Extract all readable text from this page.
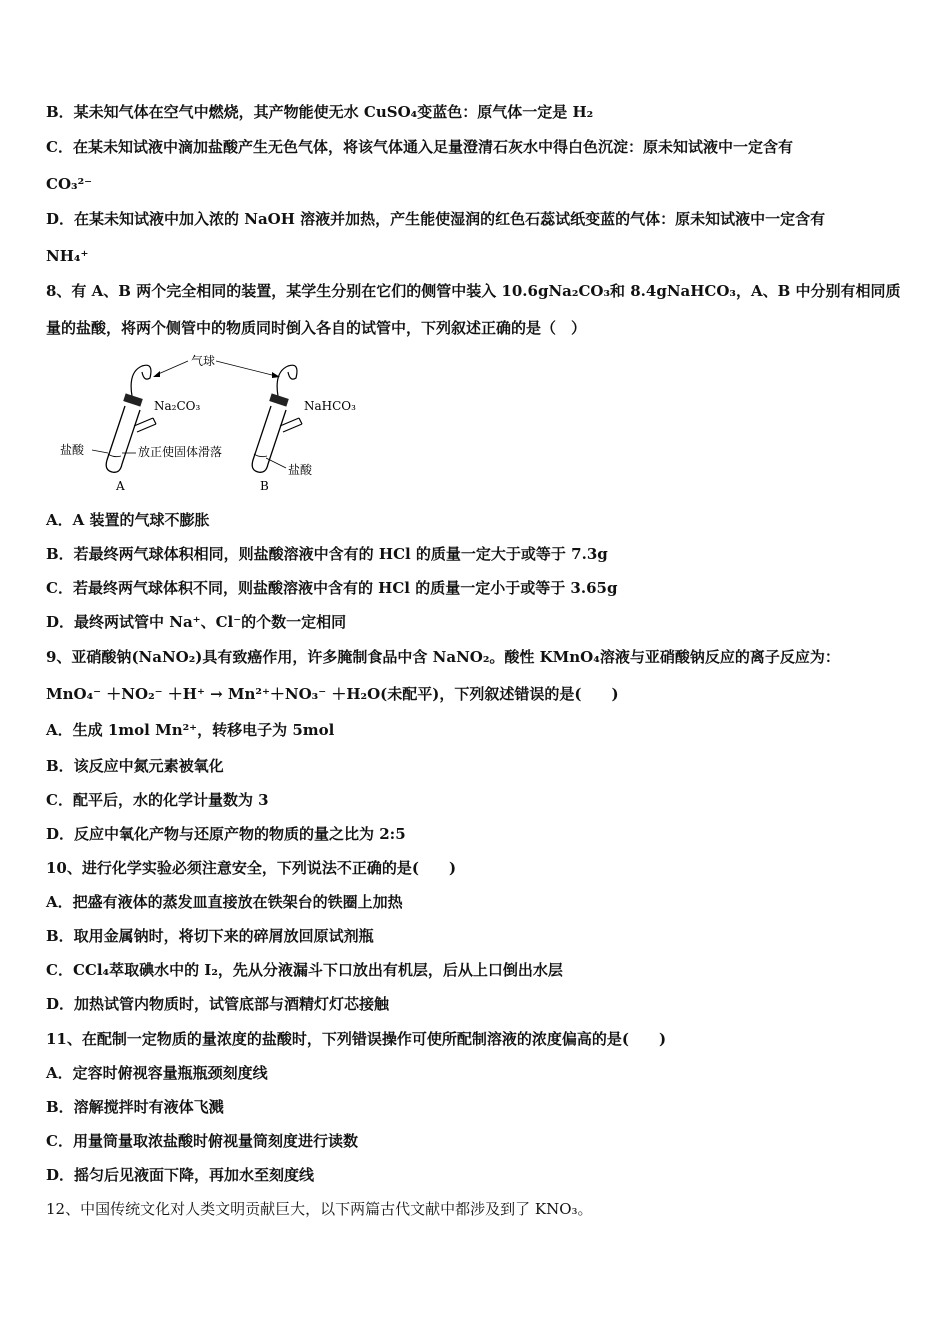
B．某未知气体在空气中燃烧，其产物能使无水 CuSO₄变蓝色：原气体一定是 H₂
C．在某未知试液中滴加盐酸产生无色气体，将该气体通入足量澄清石灰水中得白色沉淀：原未知试液中一定含有
CO₃²⁻
D．在某未知试液中加入浓的 NaOH 溶液并加热，产生能使湿润的红色石蕊试纸变蓝的气体：原未知试液中一定含有
NH₄⁺
8、有 A、B 两个完全相同的装置，某学生分别在它们的侧管中装入 10.6gNa₂CO₃和 8.4gNaHCO₃，A、B 中分别有相同质
量的盐酸，将两个侧管中的物质同时倒入各自的试管中，下列叙述正确的是（　）
气球
Na₂CO₃
盐酸	放正使固体滑落
A
NaHCO₃
盐酸
B
A．A 装置的气球不膨胀
B．若最终两气球体积相同，则盐酸溶液中含有的 HCl 的质量一定大于或等于 7.3g
C．若最终两气球体积不同，则盐酸溶液中含有的 HCl 的质量一定小于或等于 3.65g
D．最终两试管中 Na⁺、Cl⁻的个数一定相同
9、亚硝酸钠(NaNO₂)具有致癌作用，许多腌制食品中含 NaNO₂。酸性 KMnO₄溶液与亚硝酸钠反应的离子反应为：
MnO₄⁻ ＋NO₂⁻ ＋H⁺ → Mn²⁺＋NO₃⁻ ＋H₂O(未配平)，下列叙述错误的是(　　)
A．生成 1mol Mn²⁺，转移电子为 5mol
B．该反应中氮元素被氧化
C．配平后，水的化学计量数为 3
D．反应中氧化产物与还原产物的物质的量之比为 2:5
10、进行化学实验必须注意安全，下列说法不正确的是(　　)
A．把盛有液体的蒸发皿直接放在铁架台的铁圈上加热
B．取用金属钠时，将切下来的碎屑放回原试剂瓶
C．CCl₄萃取碘水中的 I₂，先从分液漏斗下口放出有机层，后从上口倒出水层
D．加热试管内物质时，试管底部与酒精灯灯芯接触
11、在配制一定物质的量浓度的盐酸时，下列错误操作可使所配制溶液的浓度偏高的是(　　)
A．定容时俯视容量瓶瓶颈刻度线
B．溶解搅拌时有液体飞溅
C．用量筒量取浓盐酸时俯视量筒刻度进行读数
D．摇匀后见液面下降，再加水至刻度线
12、中国传统文化对人类文明贡献巨大，以下两篇古代文献中都涉及到了 KNO₃。
